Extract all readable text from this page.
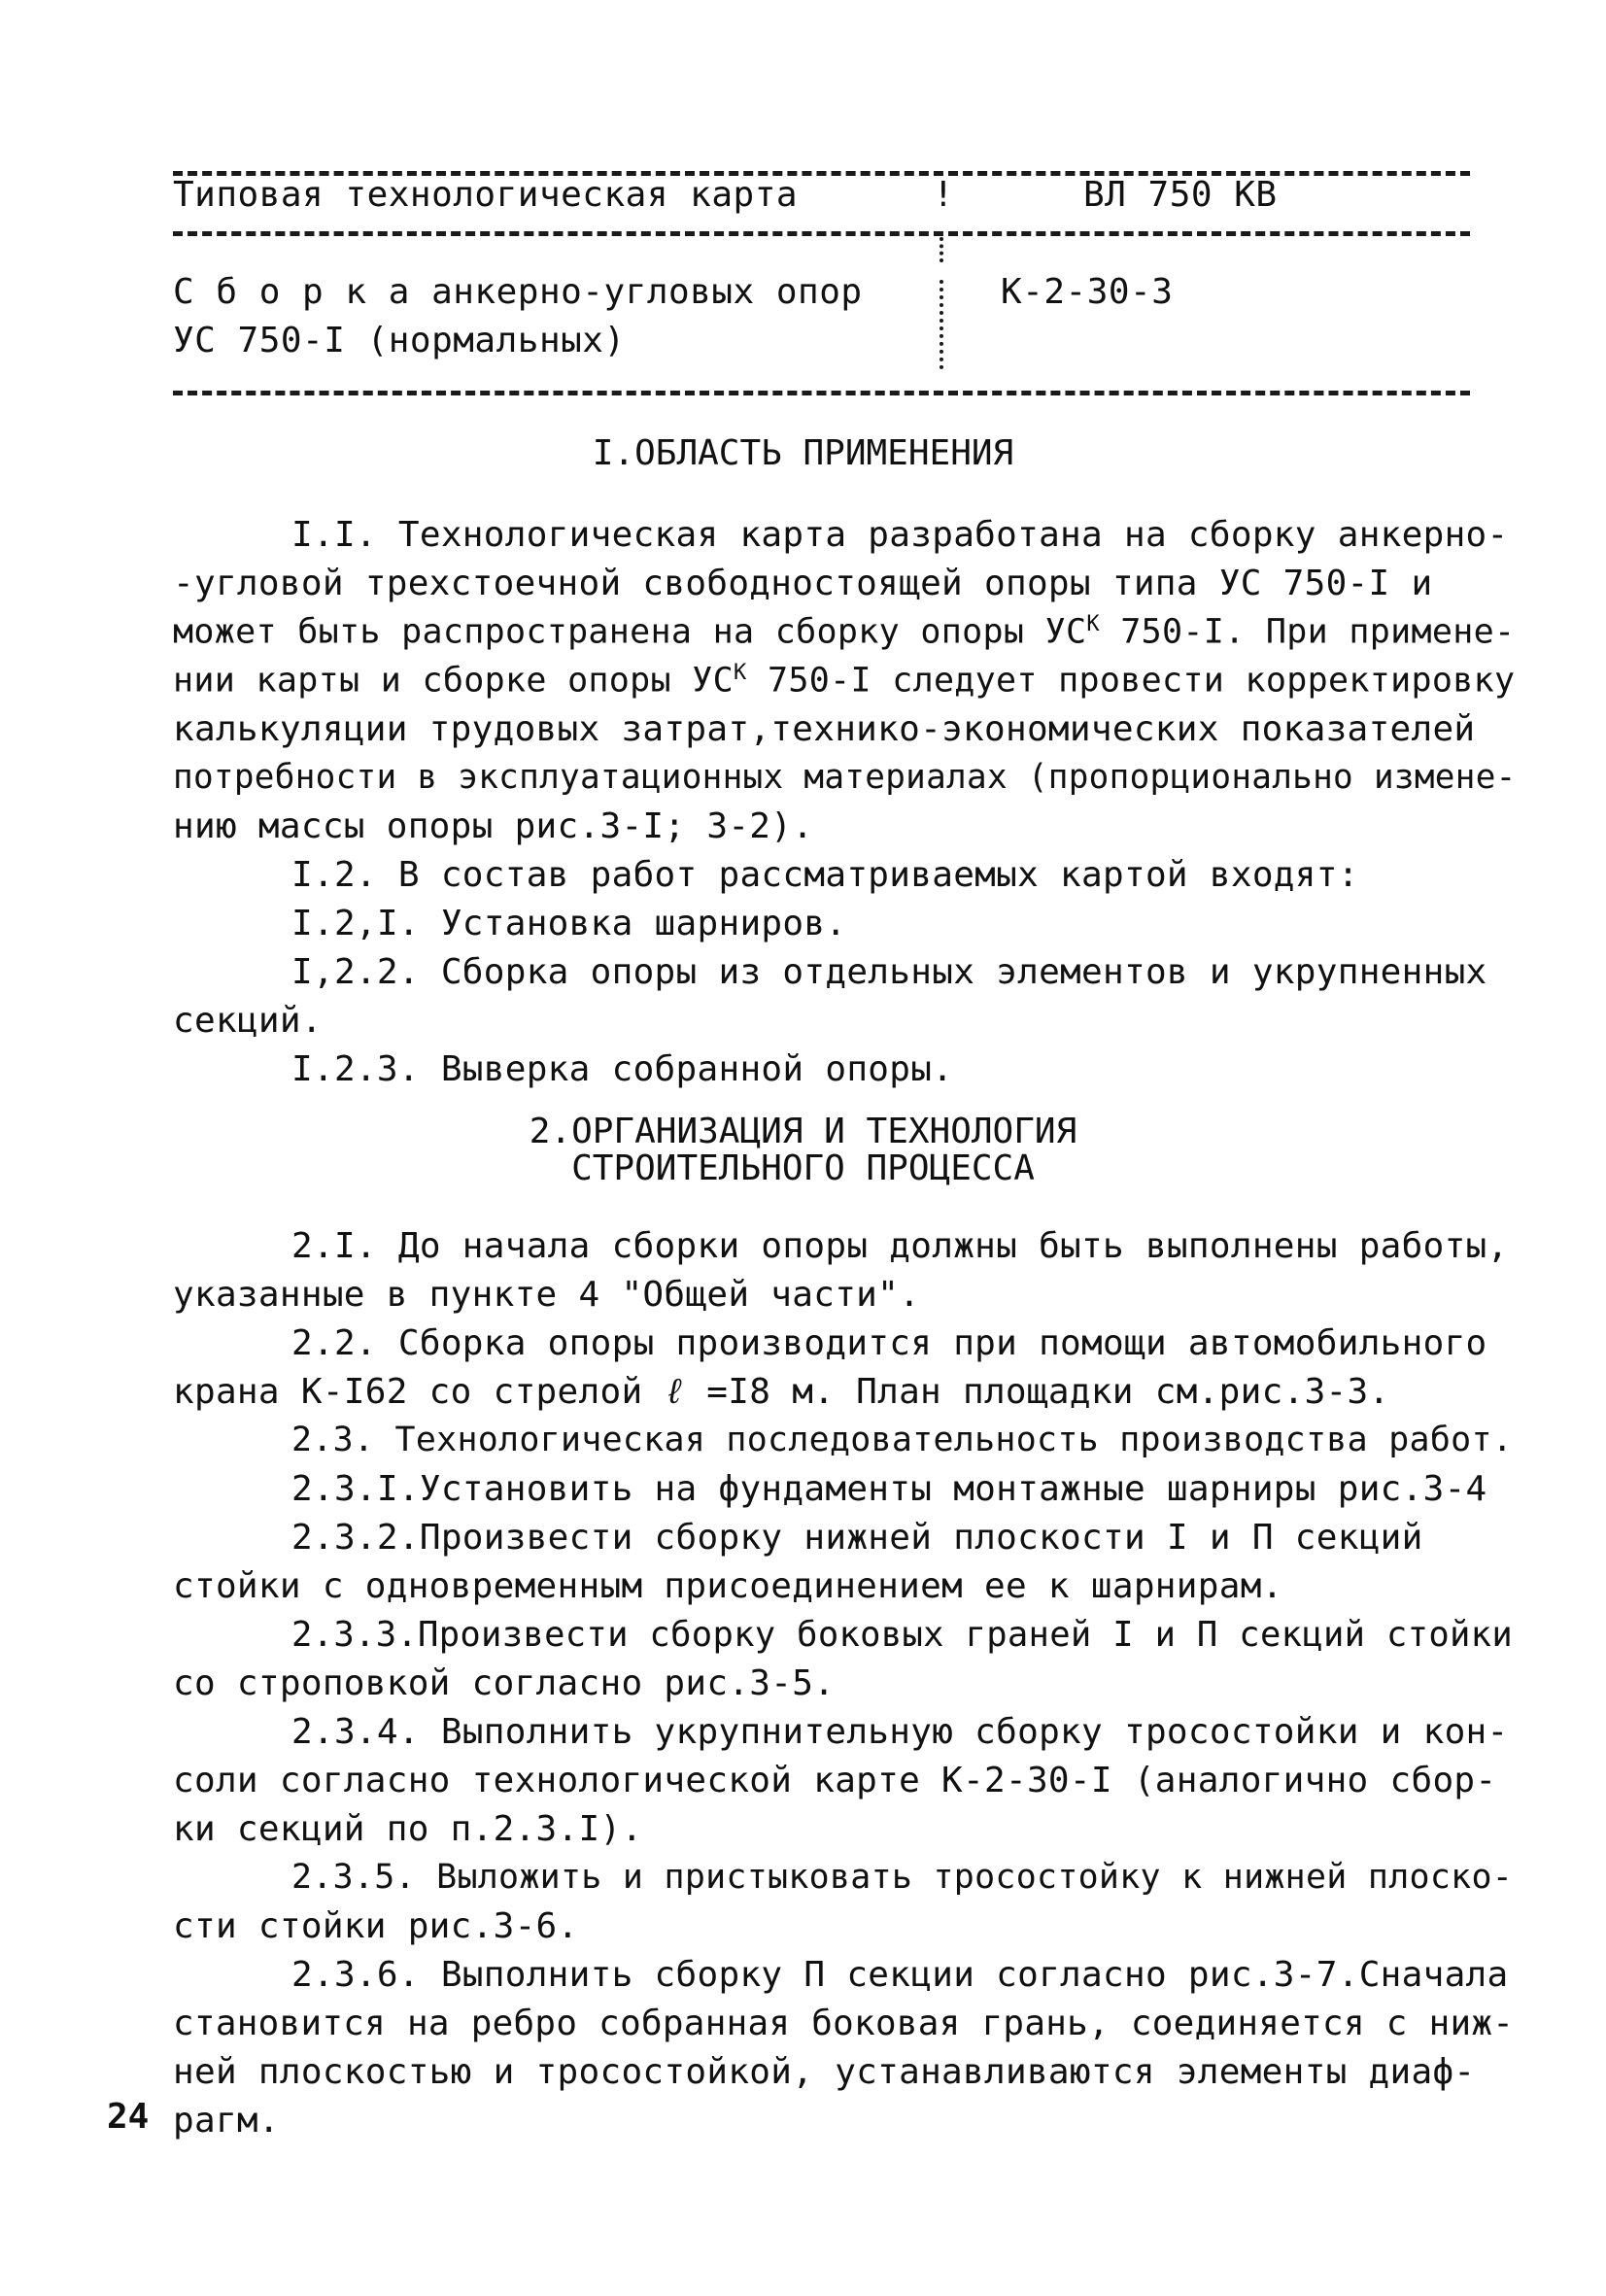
Типовая технологическая карта	!	ВЛ 750 КВ
С б о р к а анкерно-угловых опор
УС 750-I (нормальных)
К-2-30-3
I.ОБЛАСТЬ ПРИМЕНЕНИЯ
I.I. Технологическая карта разработана на сборку анкерно-
-угловой трехстоечной свободностоящей опоры типа УС 750-I и
может быть распространена на сборку опоры $УС^К$ 750-I. При примене-
нии карты и сборке опоры $УС^К$ 750-I следует провести корректировку
калькуляции трудовых затрат,технико-экономических показателей
потребности в эксплуатационных материалах (пропорционально измене-
нию массы опоры рис.3-I; 3-2).
I.2. В состав работ рассматриваемых картой входят:
I.2,I. Установка шарниров.
I,2.2. Сборка опоры из отдельных элементов и укрупненных
секций.
I.2.3. Выверка собранной опоры.
2.ОРГАНИЗАЦИЯ И ТЕХНОЛОГИЯ
СТРОИТЕЛЬНОГО ПРОЦЕССА
2.I. До начала сборки опоры должны быть выполнены работы,
указанные в пункте 4 "Общей части".
2.2. Сборка опоры производится при помощи автомобильного
крана К-I62 со стрелой ℓ =I8 м. План площадки см.рис.3-3.
2.3. Технологическая последовательность производства работ.
2.3.I.Установить на фундаменты монтажные шарниры рис.3-4
2.3.2.Произвести сборку нижней плоскости I и П секций
стойки с одновременным присоединением ее к шарнирам.
2.3.3.Произвести сборку боковых граней I и П секций стойки
со строповкой согласно рис.3-5.
2.3.4. Выполнить укрупнительную сборку тросостойки и кон-
соли согласно технологической карте К-2-30-I (аналогично сбор-
ки секций по п.2.3.I).
2.3.5. Выложить и пристыковать тросостойку к нижней плоско-
сти стойки рис.3-6.
2.3.6. Выполнить сборку П секции согласно рис.3-7.Сначала
становится на ребро собранная боковая грань, соединяется с ниж-
ней плоскостью и тросостойкой, устанавливаются элементы диаф-
рагм.
24
